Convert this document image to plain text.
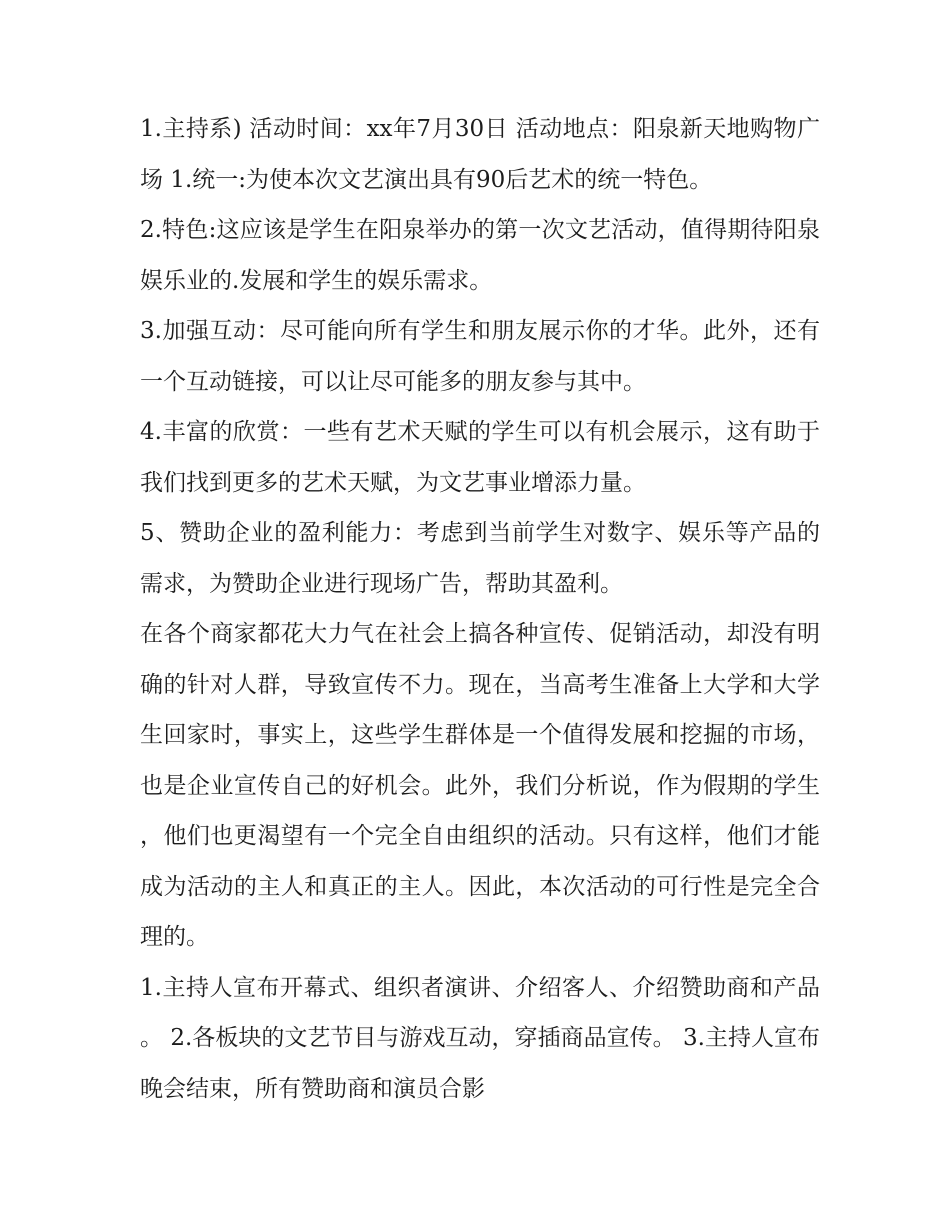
1.主持系) 活动时间：xx年7月30日 活动地点：阳泉新天地购物广场 1.统一:为使本次文艺演出具有90后艺术的统一特色。

2.特色:这应该是学生在阳泉举办的第一次文艺活动，值得期待阳泉娱乐业的.发展和学生的娱乐需求。

3.加强互动：尽可能向所有学生和朋友展示你的才华。此外，还有一个互动链接，可以让尽可能多的朋友参与其中。

4.丰富的欣赏：一些有艺术天赋的学生可以有机会展示，这有助于我们找到更多的艺术天赋，为文艺事业增添力量。

5、赞助企业的盈利能力：考虑到当前学生对数字、娱乐等产品的需求，为赞助企业进行现场广告，帮助其盈利。

在各个商家都花大力气在社会上搞各种宣传、促销活动，却没有明确的针对人群，导致宣传不力。现在，当高考生准备上大学和大学生回家时，事实上，这些学生群体是一个值得发展和挖掘的市场，也是企业宣传自己的好机会。此外，我们分析说，作为假期的学生，他们也更渴望有一个完全自由组织的活动。只有这样，他们才能成为活动的主人和真正的主人。因此，本次活动的可行性是完全合理的。

1.主持人宣布开幕式、组织者演讲、介绍客人、介绍赞助商和产品。 2.各板块的文艺节目与游戏互动，穿插商品宣传。 3.主持人宣布晚会结束，所有赞助商和演员合影
